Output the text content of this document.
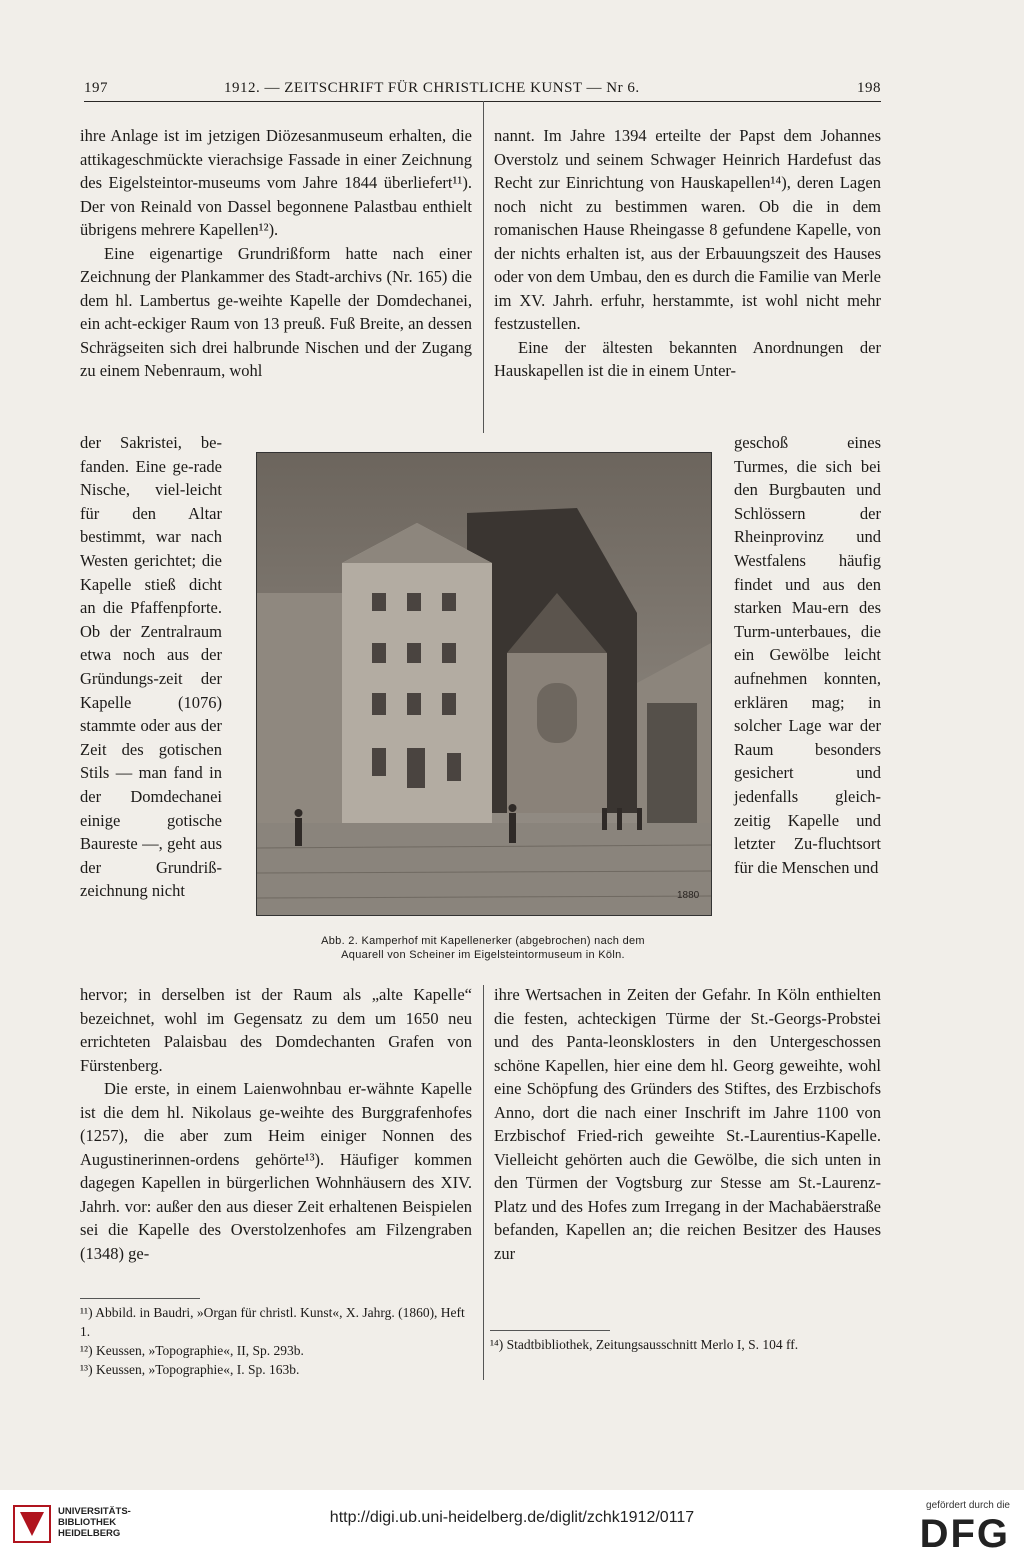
197	1912. — ZEITSCHRIFT FÜR CHRISTLICHE KUNST — Nr 6.	198

ihre Anlage ist im jetzigen Diözesanmuseum erhalten, die attikageschmückte vierachsige Fassade in einer Zeichnung des Eigelsteintor-museums vom Jahre 1844 überliefert¹¹). Der von Reinald von Dassel begonnene Palastbau enthielt übrigens mehrere Kapellen¹²).

Eine eigenartige Grundrißform hatte nach einer Zeichnung der Plankammer des Stadt-archivs (Nr. 165) die dem hl. Lambertus ge-weihte Kapelle der Domdechanei, ein acht-eckiger Raum von 13 preuß. Fuß Breite, an dessen Schrägseiten sich drei halbrunde Nischen und der Zugang zu einem Nebenraum, wohl

nannt. Im Jahre 1394 erteilte der Papst dem Johannes Overstolz und seinem Schwager Heinrich Hardefust das Recht zur Einrichtung von Hauskapellen¹⁴), deren Lagen noch nicht zu bestimmen waren. Ob die in dem romanischen Hause Rheingasse 8 gefundene Kapelle, von der nichts erhalten ist, aus der Erbauungszeit des Hauses oder von dem Umbau, den es durch die Familie van Merle im XV. Jahrh. erfuhr, herstammte, ist wohl nicht mehr festzustellen.

Eine der ältesten bekannten Anordnungen der Hauskapellen ist die in einem Unter-

der Sakristei, be-fanden. Eine ge-rade Nische, viel-leicht für den Altar bestimmt, war nach Westen gerichtet; die Kapelle stieß dicht an die Pfaffenpforte. Ob der Zentralraum etwa noch aus der Gründungs-zeit der Kapelle (1076) stammte oder aus der Zeit des gotischen Stils — man fand in der Domdechanei einige gotische Baureste —, geht aus der Grundriß-zeichnung nicht

geschoß eines Turmes, die sich bei den Burgbauten und Schlössern der Rheinprovinz und Westfalens häufig findet und aus den starken Mau-ern des Turm-unterbaues, die ein Gewölbe leicht aufnehmen konnten, erklären mag; in solcher Lage war der Raum besonders gesichert und jedenfalls gleich-zeitig Kapelle und letzter Zu-fluchtsort für die Menschen und

1880
Abb. 2. Kamperhof mit Kapellenerker (abgebrochen) nach dem
Aquarell von Scheiner im Eigelsteintormuseum in Köln.

hervor; in derselben ist der Raum als „alte Kapelle“ bezeichnet, wohl im Gegensatz zu dem um 1650 neu errichteten Palaisbau des Domdechanten Grafen von Fürstenberg.

Die erste, in einem Laienwohnbau er-wähnte Kapelle ist die dem hl. Nikolaus ge-weihte des Burggrafenhofes (1257), die aber zum Heim einiger Nonnen des Augustinerinnen-ordens gehörte¹³). Häufiger kommen dagegen Kapellen in bürgerlichen Wohnhäusern des XIV. Jahrh. vor: außer den aus dieser Zeit erhaltenen Beispielen sei die Kapelle des Overstolzenhofes am Filzengraben (1348) ge-

ihre Wertsachen in Zeiten der Gefahr. In Köln enthielten die festen, achteckigen Türme der St.-Georgs-Probstei und des Panta-leonsklosters in den Untergeschossen schöne Kapellen, hier eine dem hl. Georg geweihte, wohl eine Schöpfung des Gründers des Stiftes, des Erzbischofs Anno, dort die nach einer Inschrift im Jahre 1100 von Erzbischof Fried-rich geweihte St.-Laurentius-Kapelle. Vielleicht gehörten auch die Gewölbe, die sich unten in den Türmen der Vogtsburg zur Stesse am St.-Laurenz-Platz und des Hofes zum Irregang in der Machabäerstraße befanden, Kapellen an; die reichen Besitzer des Hauses zur

¹¹) Abbild. in Baudri, »Organ für christl. Kunst«, X. Jahrg. (1860), Heft 1.
¹²) Keussen, »Topographie«, II, Sp. 293b.
¹³) Keussen, »Topographie«, I. Sp. 163b.
¹⁴) Stadtbibliothek, Zeitungsausschnitt Merlo I, S. 104 ff.
UNIVERSITÄTS-
BIBLIOTHEK
HEIDELBERG
http://digi.ub.uni-heidelberg.de/diglit/zchk1912/0117
gefördert durch die
DFG
